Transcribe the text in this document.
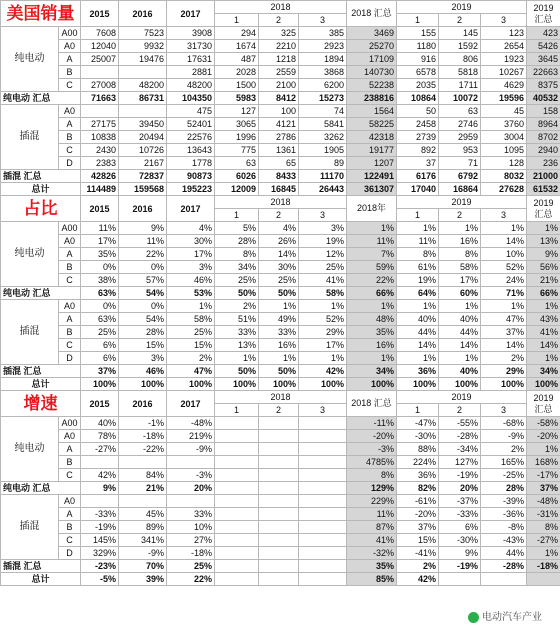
美国销量		2015	2016	2017	2018			2018 汇总	2019			2019 汇总
					1	2	3		1	2	3	
纯电动	A00	7608	7523	3908	294	325	385	3469	155	145	123	423
	A0	12040	9932	31730	1674	2210	2923	25270	1180	1592	2654	5426
	A	25007	19476	17631	487	1218	1894	17109	916	806	1923	3645
	B			2881	2028	2559	3868	140730	6578	5818	10267	22663
	C	27008	48200	48200	1500	2100	6200	52238	2035	1711	4629	8375
纯电动 汇总		71663	86731	104350	5983	8412	15273	238816	10864	10072	19596	40532
插混	A0			475	127	100	74	1564	50	63	45	158
	A	27175	39450	52401	3065	4121	5841	58225	2458	2746	3760	8964
	B	10838	20494	22576	1996	2786	3262	42318	2739	2959	3004	8702
	C	2430	10726	13643	775	1361	1905	19177	892	953	1095	2940
	D	2383	2167	1778	63	65	89	1207	37	71	128	236
插混 汇总		42826	72837	90873	6026	8433	11170	122491	6176	6792	8032	21000
总计		114489	159568	195223	12009	16845	26443	361307	17040	16864	27628	61532
占比		2015	2016	2017	2018			2018年	2019			2019 汇总
					1	2	3		1	2	3	
纯电动	A00	11%	9%	4%	5%	4%	3%	1%	1%	1%	1%	1%
	A0	17%	11%	30%	28%	26%	19%	11%	11%	16%	14%	13%
	A	35%	22%	17%	8%	14%	12%	7%	8%	8%	10%	9%
	B	0%	0%	3%	34%	30%	25%	59%	61%	58%	52%	56%
	C	38%	57%	46%	25%	25%	41%	22%	19%	17%	24%	21%
纯电动 汇总		63%	54%	53%	50%	50%	58%	66%	64%	60%	71%	66%
插混	A0	0%	0%	1%	2%	1%	1%	1%	1%	1%	1%	1%
	A	63%	54%	58%	51%	49%	52%	48%	40%	40%	47%	43%
	B	25%	28%	25%	33%	33%	29%	35%	44%	44%	37%	41%
	C	6%	15%	15%	13%	16%	17%	16%	14%	14%	14%	14%
	D	6%	3%	2%	1%	1%	1%	1%	1%	1%	2%	1%
插混 汇总		37%	46%	47%	50%	50%	42%	34%	36%	40%	29%	34%
总计		100%	100%	100%	100%	100%	100%	100%	100%	100%	100%	100%
增速		2015	2016	2017	2018			2018 汇总	2019			2019 汇总
					1	2	3		1	2	3	
纯电动	A00	40%	-1%	-48%				-11%	-47%	-55%	-68%	-58%
	A0	78%	-18%	219%				-20%	-30%	-28%	-9%	-20%
	A	-27%	-22%	-9%				-3%	88%	-34%	2%	1%
	B							4785%	224%	127%	165%	168%
	C	42%	84%	-3%				8%	36%	-19%	-25%	-17%
纯电动 汇总		9%	21%	20%				129%	82%	20%	28%	37%
插混	A0							229%	-61%	-37%	-39%	-48%
	A	-33%	45%	33%				11%	-20%	-33%	-36%	-31%
	B	-19%	89%	10%				87%	37%	6%	-8%	8%
	C	145%	341%	27%				41%	15%	-30%	-43%	-27%
	D	329%	-9%	-18%				-32%	-41%	9%	44%	1%
插混 汇总		-23%	70%	25%				35%	2%	-19%	-28%	-18%
总计		-5%	39%	22%				85%	42%			
电动汽车产业
